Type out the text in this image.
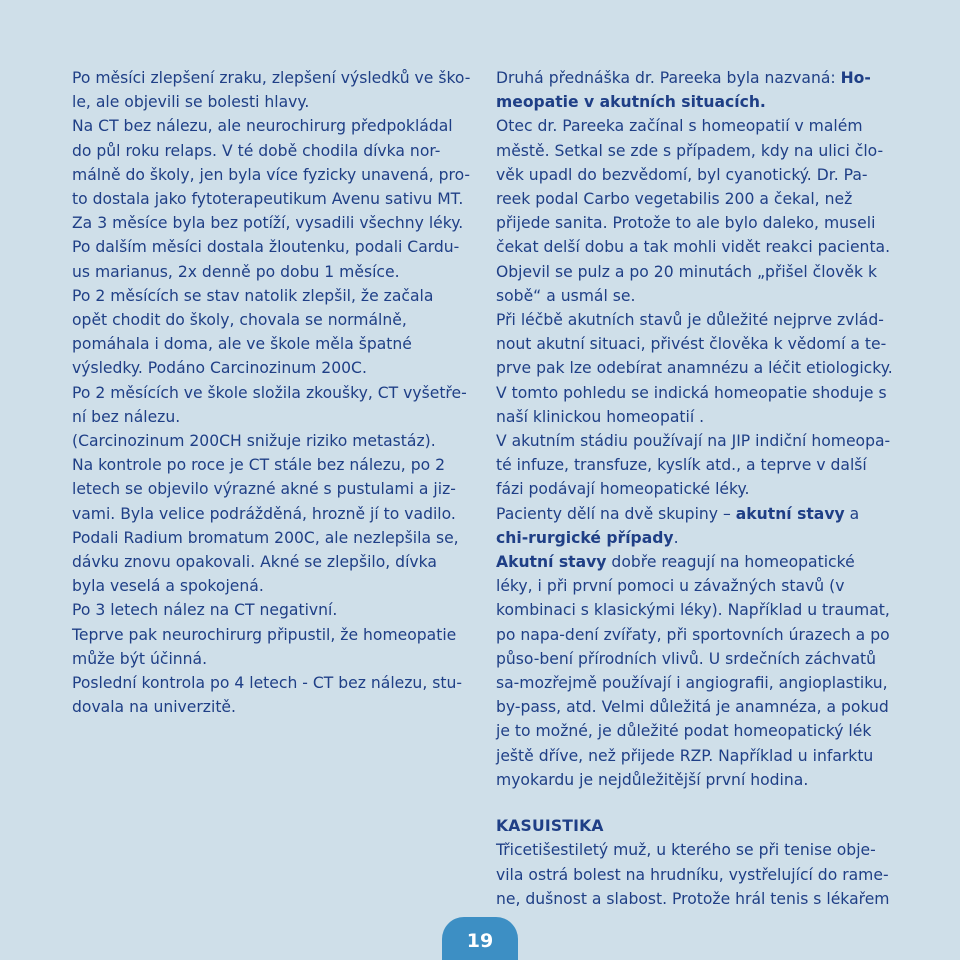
Po měsíci zlepšení zraku, zlepšení výsledků ve ško-le, ale objevili se bolesti hlavy.

Na CT bez nálezu, ale neurochirurg předpokládal do půl roku relaps. V té době chodila dívka nor-málně do školy, jen byla více fyzicky unavená, pro-to dostala jako fytoterapeutikum Avenu sativu MT.

Za 3 měsíce byla bez potíží, vysadili všechny léky.

Po dalším měsíci dostala žloutenku, podali Cardu-us marianus, 2x denně po dobu 1 měsíce.

Po 2 měsících se stav natolik zlepšil, že začala opět chodit do školy, chovala se normálně, pomáhala i doma, ale ve škole měla špatné výsledky. Podáno Carcinozinum 200C.

Po 2 měsících ve škole složila zkoušky, CT vyšetře-ní bez nálezu.

(Carcinozinum 200CH snižuje riziko metastáz).

Na kontrole po roce je CT stále bez nálezu, po 2 letech se objevilo výrazné akné s pustulami a jiz-vami. Byla velice podrážděná, hrozně jí to vadilo.

Podali Radium bromatum 200C, ale nezlepšila se, dávku znovu opakovali. Akné se zlepšilo, dívka byla veselá a spokojená.

Po 3 letech nález na CT negativní.

Teprve pak neurochirurg připustil, že homeopatie může být účinná.

Poslední kontrola po 4 letech - CT bez nálezu, stu-dovala na univerzitě.

Druhá přednáška dr. Pareeka byla nazvaná: Ho-meopatie v akutních situacích.

Otec dr. Pareeka začínal s homeopatií v malém městě. Setkal se zde s případem, kdy na ulici člo-věk upadl do bezvědomí, byl cyanotický. Dr. Pa-reek podal Carbo vegetabilis 200 a čekal, než přijede sanita. Protože to ale bylo daleko, museli čekat delší dobu a tak mohli vidět reakci pacienta. Objevil se pulz a po 20 minutách „přišel člověk k sobě“ a usmál se.

Při léčbě akutních stavů je důležité nejprve zvlád-nout akutní situaci, přivést člověka k vědomí a te-prve pak lze odebírat anamnézu a léčit etiologicky.

V tomto pohledu se indická homeopatie shoduje s naší klinickou homeopatií .

V akutním stádiu používají na JIP indiční homeopa-té infuze, transfuze, kyslík atd., a teprve v další fázi podávají homeopatické léky.

Pacienty dělí na dvě skupiny – akutní stavy a chi-rurgické případy.

Akutní stavy dobře reagují na homeopatické léky, i při první pomoci u závažných stavů (v kombinaci s klasickými léky). Například u traumat, po napa-dení zvířaty, při sportovních úrazech a po půso-bení přírodních vlivů. U srdečních záchvatů sa-mozřejmě používají i angiografii, angioplastiku, by-pass, atd. Velmi důležitá je anamnéza, a pokud je to možné, je důležité podat homeopatický lék ještě dříve, než přijede RZP. Například u infarktu myokardu je nejdůležitější první hodina.

KASUISTIKA

Třicetišestiletý muž, u kterého se při tenise obje-vila ostrá bolest na hrudníku, vystřelující do rame-ne, dušnost a slabost. Protože hrál tenis s lékařem

19
